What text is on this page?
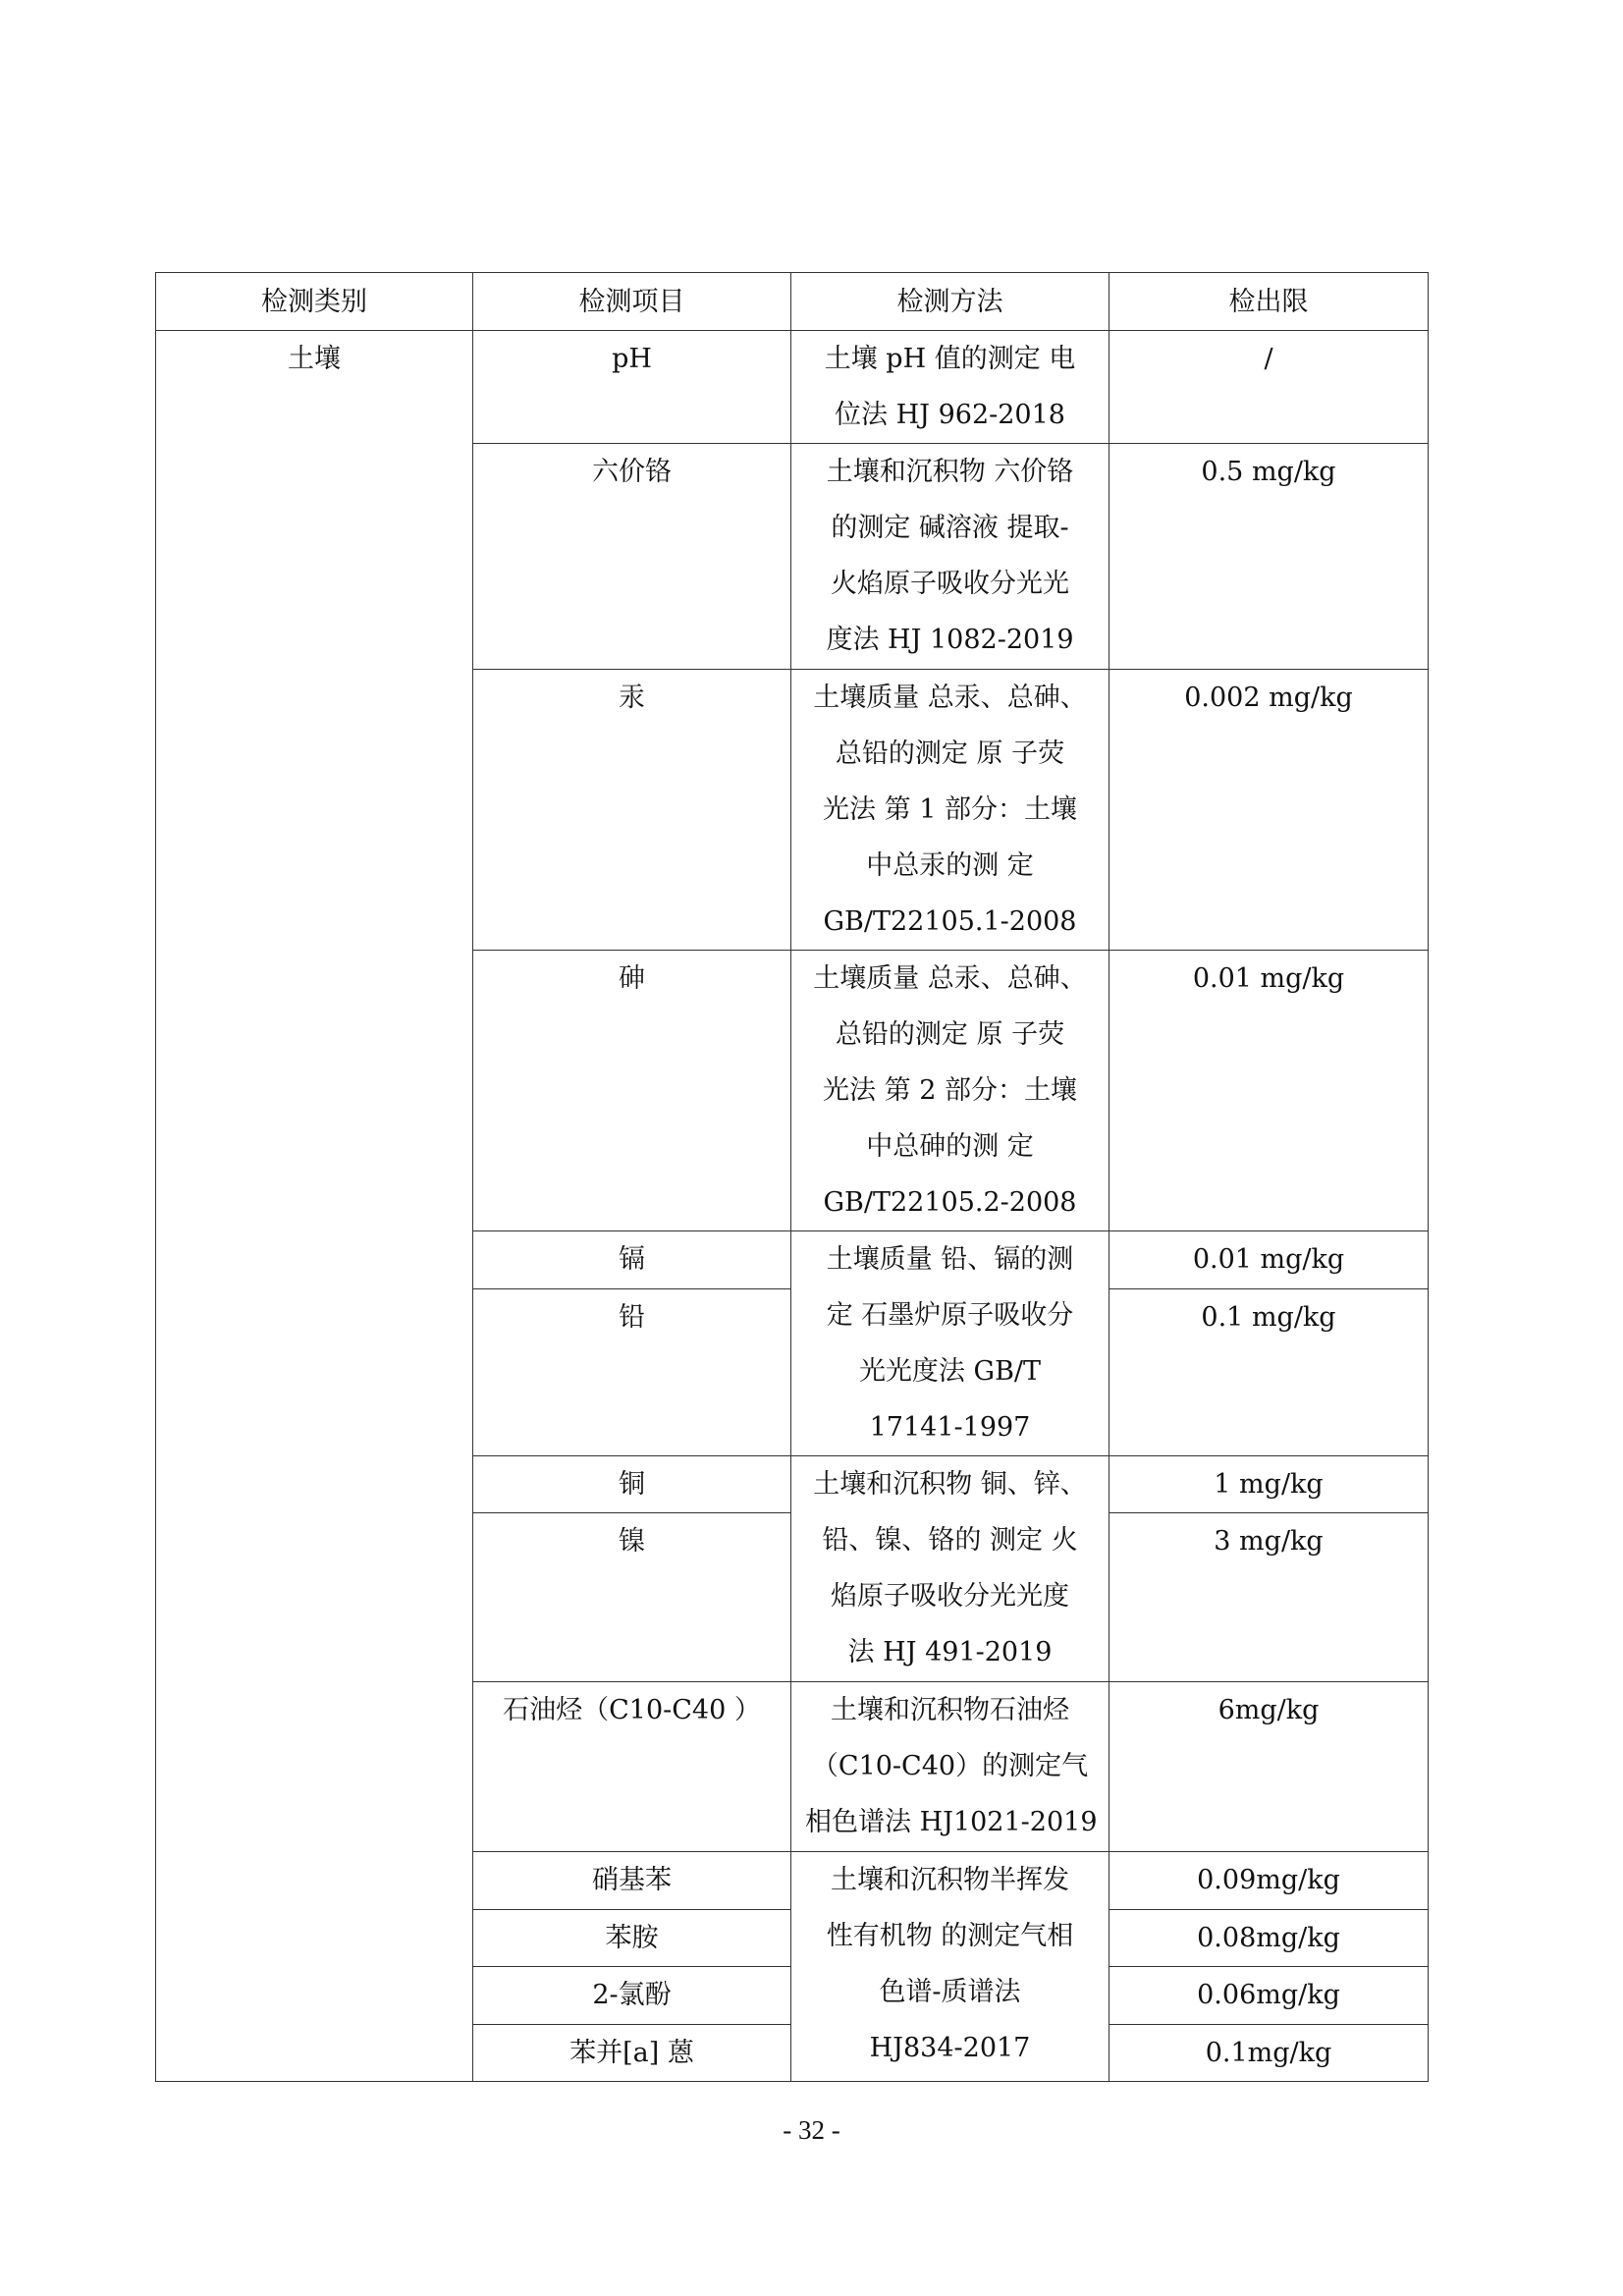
检测类别	检测项目	检测方法	检出限
土壤	pH	土壤 pH 值的测定 电
位法 HJ 962-2018	/
	六价铬	土壤和沉积物 六价铬
的测定 碱溶液 提取-
火焰原子吸收分光光
度法 HJ 1082-2019	0.5 mg/kg
	汞	土壤质量 总汞、总砷、
总铅的测定 原 子荧
光法 第 1 部分：土壤
中总汞的测 定
GB/T22105.1-2008	0.002 mg/kg
	砷	土壤质量 总汞、总砷、
总铅的测定 原 子荧
光法 第 2 部分：土壤
中总砷的测 定
GB/T22105.2-2008	0.01 mg/kg
	镉	土壤质量 铅、镉的测
定 石墨炉原子吸收分
光光度法 GB/T
17141-1997	0.01 mg/kg
	铅		0.1 mg/kg
	铜	土壤和沉积物 铜、锌、
铅、镍、铬的 测定 火
焰原子吸收分光光度
法 HJ 491-2019	1 mg/kg
	镍		3 mg/kg
	石油烃（C10-C40 ）	土壤和沉积物石油烃
（C10-C40）的测定气
相色谱法 HJ1021-2019	6mg/kg
	硝基苯	土壤和沉积物半挥发
性有机物 的测定气相
色谱-质谱法
HJ834-2017	0.09mg/kg
	苯胺		0.08mg/kg
	2-氯酚		0.06mg/kg
	苯并[a] 蒽		0.1mg/kg
- 32 -
